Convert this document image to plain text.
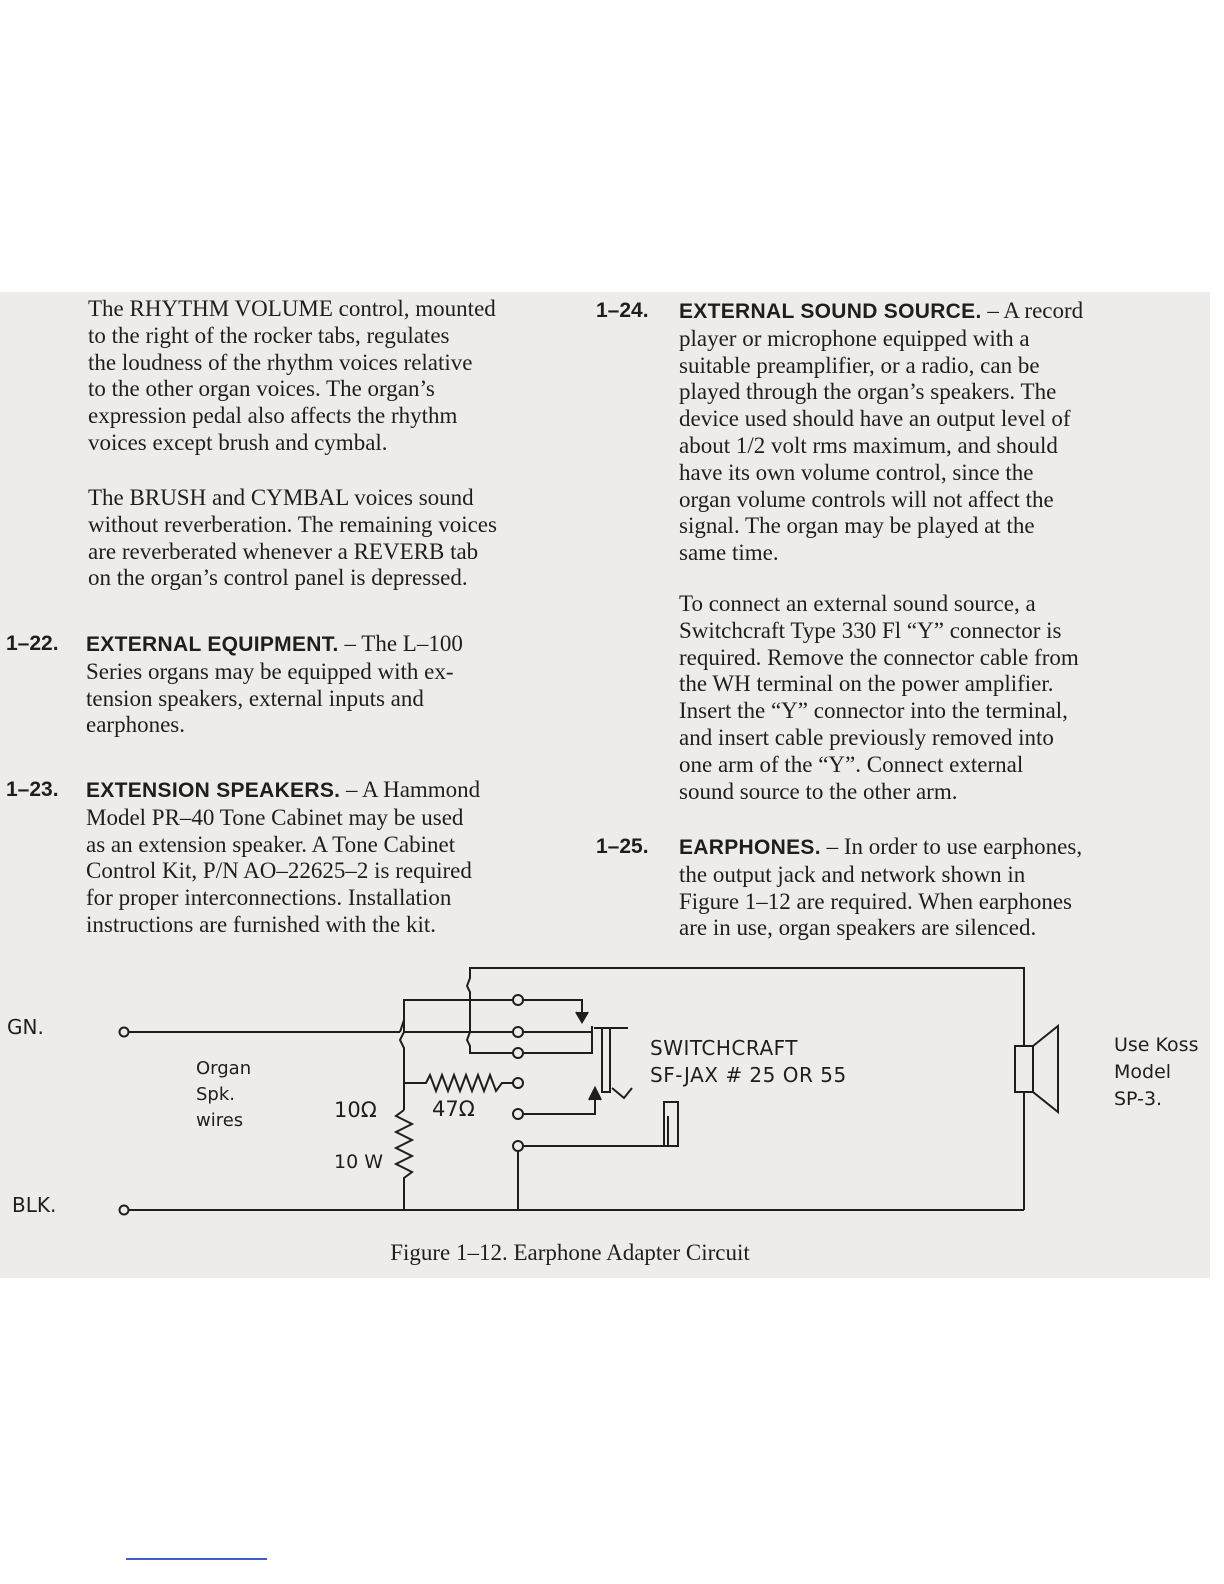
The RHYTHM VOLUME control, mounted
to the right of the rocker tabs, regulates
the loudness of the rhythm voices relative
to the other organ voices. The organ’s
expression pedal also affects the rhythm
voices except brush and cymbal.

The BRUSH and CYMBAL voices sound
without reverberation. The remaining voices
are reverberated whenever a REVERB tab
on the organ’s control panel is depressed.

1–22. EXTERNAL EQUIPMENT. – The L–100
Series organs may be equipped with ex-
tension speakers, external inputs and
earphones.

1–23. EXTENSION SPEAKERS. – A Hammond
Model PR–40 Tone Cabinet may be used
as an extension speaker. A Tone Cabinet
Control Kit, P/N AO–22625–2 is required
for proper interconnections. Installation
instructions are furnished with the kit.

1–24. EXTERNAL SOUND SOURCE. – A record
player or microphone equipped with a
suitable preamplifier, or a radio, can be
played through the organ’s speakers. The
device used should have an output level of
about 1/2 volt rms maximum, and should
have its own volume control, since the
organ volume controls will not affect the
signal. The organ may be played at the
same time.

To connect an external sound source, a
Switchcraft Type 330 Fl “Y” connector is
required. Remove the connector cable from
the WH terminal on the power amplifier.
Insert the “Y” connector into the terminal,
and insert cable previously removed into
one arm of the “Y”. Connect external
sound source to the other arm.

1–25. EARPHONES. – In order to use earphones,
the output jack and network shown in
Figure 1–12 are required. When earphones
are in use, organ speakers are silenced.

GN.
BLK.
Organ
Spk.
wires	10Ω
10 W
47Ω
SWITCHCRAFT
SF-JAX # 25 OR 55
Use Koss
Model
SP-3.
Figure 1–12. Earphone Adapter Circuit
